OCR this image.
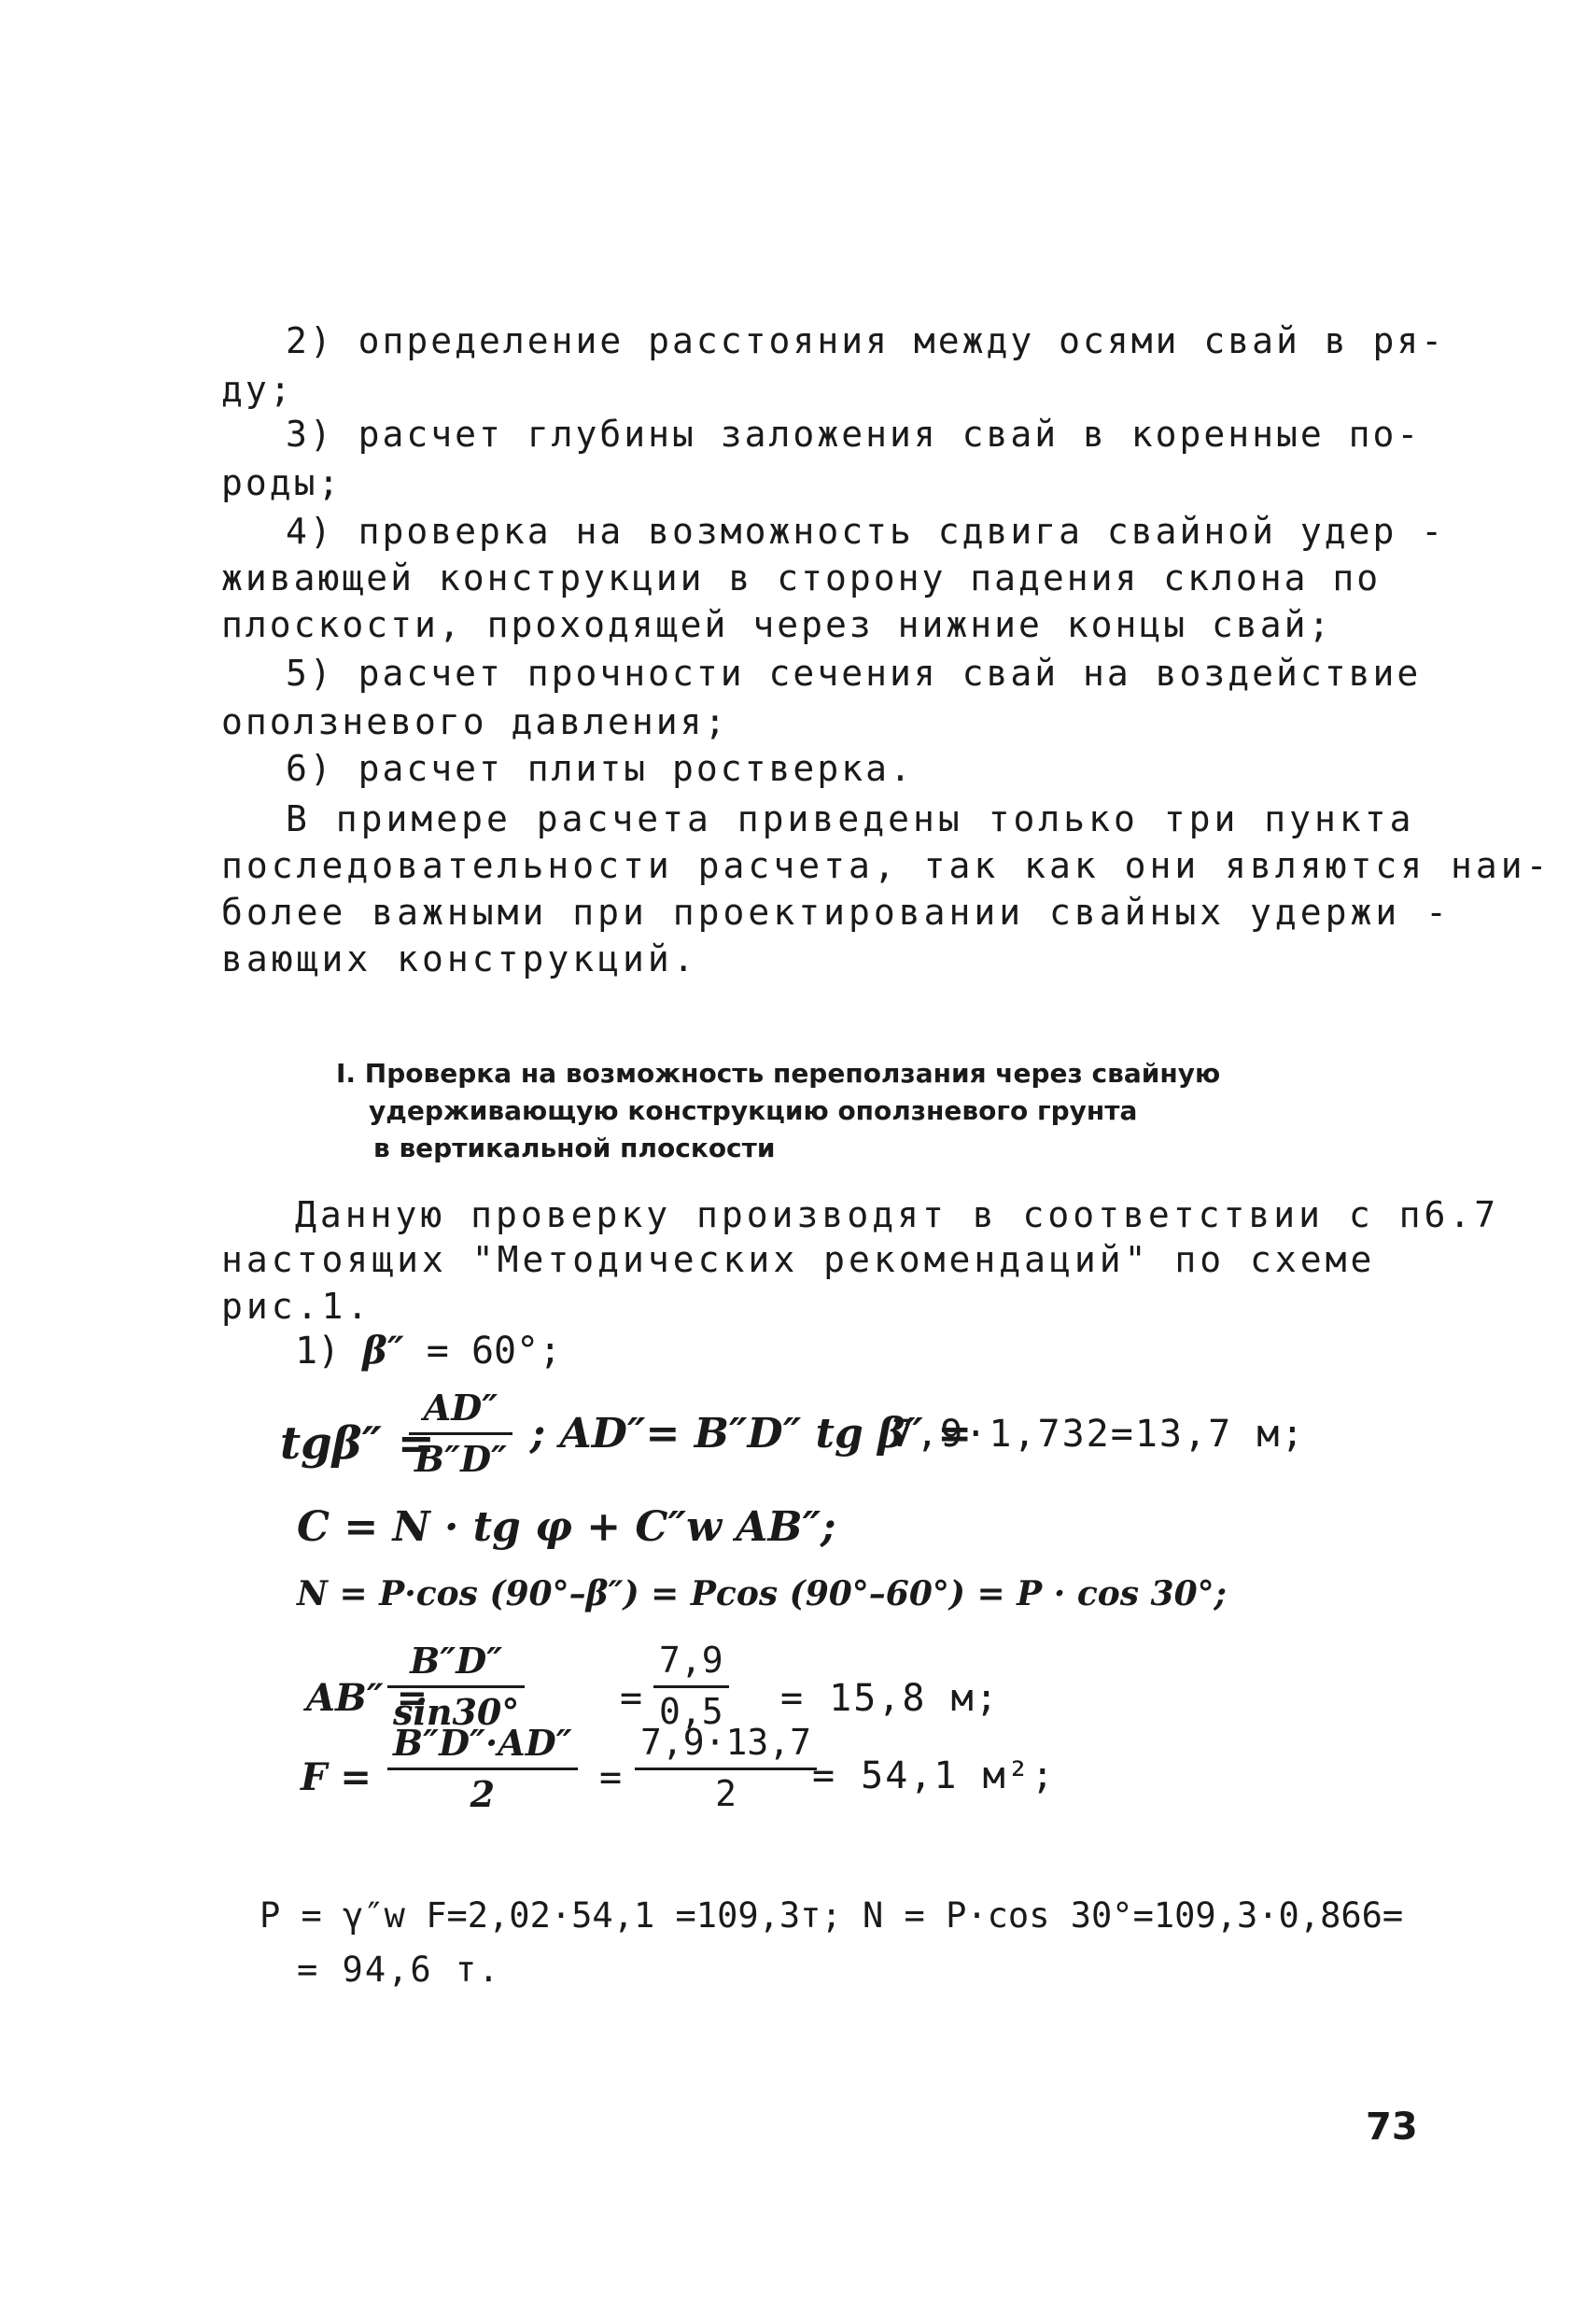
2) определение расстояния между осями свай в ря-
ду;
3) расчет глубины заложения свай в коренные по-
роды;
4) проверка на возможность сдвига свайной удер -
живающей конструкции в сторону падения склона по
плоскости, проходящей через нижние концы свай;
5) расчет прочности сечения свай на воздействие
оползневого давления;
6) расчет плиты ростверка.
В примере расчета приведены только три пункта
последовательности расчета, так как они являются наи-
более важными при проектировании свайных удержи -
вающих конструкций.
I. Проверка на возможность переползания через свайную
удерживающую конструкцию оползневого грунта
в вертикальной плоскости
Данную проверку производят в соответствии с п6.7
настоящих "Методических рекомендаций" по схеме
рис.1.
1) β″ = 60°;
tgβ″ =
AD″
B″D″
; AD″= B″D″ tg β″ =
7,9·1,732=13,7 м;
C = N · tg φ + C″w AB″;
N = P·cos (90°–β″) = Pcos (90°–60°) = P · cos 30°;
AB″ =
B″D″
sin30°	=
7,9
0,5 = 15,8 м;
F =
B″D″·AD″
2	=
7,9·13,7
2 = 54,1 м²;
P = γ″w F=2,02·54,1 =109,3т; N = P·cos 30°=109,3·0,866=
= 94,6 т.
73
